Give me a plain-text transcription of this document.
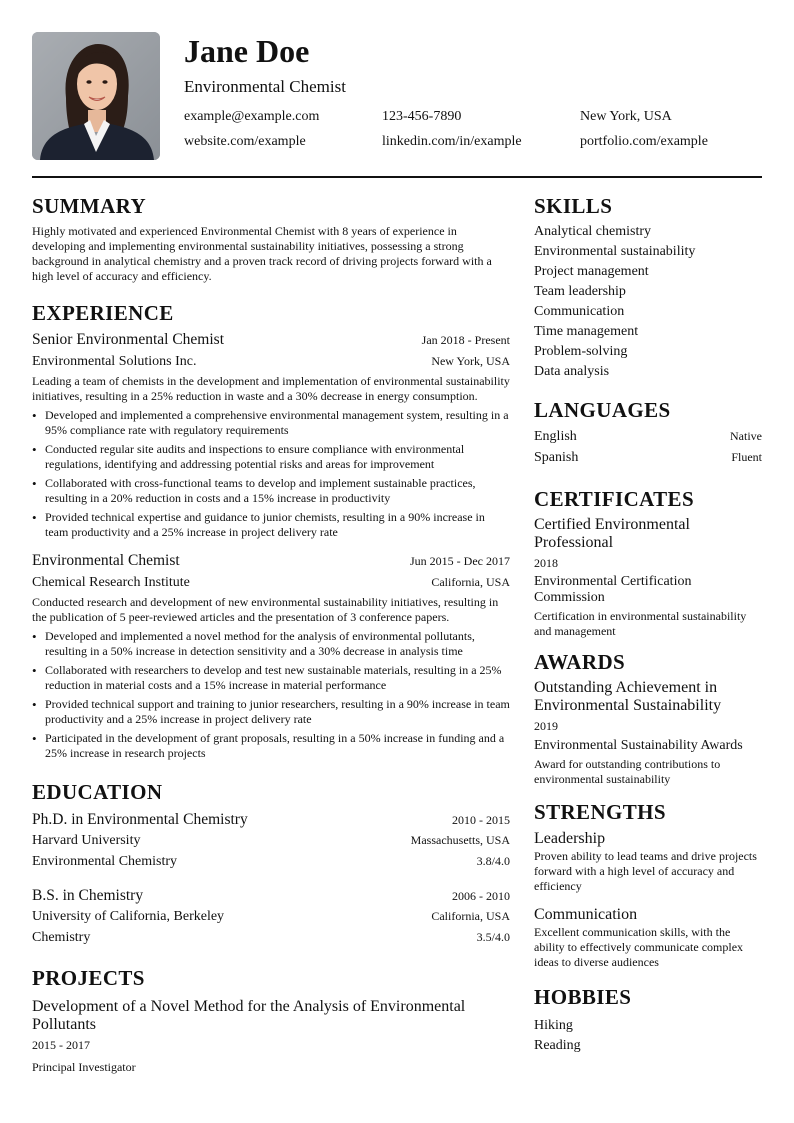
Jane Doe
Environmental Chemist
example@example.com	123-456-7890	New York, USA
website.com/example	linkedin.com/in/example	portfolio.com/example
SUMMARY
Highly motivated and experienced Environmental Chemist with 8 years of experience in developing and implementing environmental sustainability initiatives, possessing a strong background in analytical chemistry and a proven track record of driving projects forward with a high level of accuracy and efficiency.
EXPERIENCE
Senior Environmental Chemist	Jan 2018 - Present
Environmental Solutions Inc.	New York, USA
Leading a team of chemists in the development and implementation of environmental sustainability initiatives, resulting in a 25% reduction in waste and a 30% decrease in energy consumption.
• Developed and implemented a comprehensive environmental management system, resulting in a 95% compliance rate with regulatory requirements
• Conducted regular site audits and inspections to ensure compliance with environmental regulations, identifying and addressing potential risks and areas for improvement
• Collaborated with cross-functional teams to develop and implement sustainable practices, resulting in a 20% reduction in costs and a 15% increase in productivity
• Provided technical expertise and guidance to junior chemists, resulting in a 90% increase in team productivity and a 25% increase in project delivery rate
Environmental Chemist	Jun 2015 - Dec 2017
Chemical Research Institute	California, USA
Conducted research and development of new environmental sustainability initiatives, resulting in the publication of 5 peer-reviewed articles and the presentation of 3 conference papers.
• Developed and implemented a novel method for the analysis of environmental pollutants, resulting in a 50% increase in detection sensitivity and a 30% decrease in analysis time
• Collaborated with researchers to develop and test new sustainable materials, resulting in a 25% reduction in material costs and a 15% increase in material performance
• Provided technical support and training to junior researchers, resulting in a 90% increase in team productivity and a 25% increase in project delivery rate
• Participated in the development of grant proposals, resulting in a 50% increase in funding and a 25% increase in research projects
EDUCATION
Ph.D. in Environmental Chemistry	2010 - 2015
Harvard University	Massachusetts, USA
Environmental Chemistry	3.8/4.0
B.S. in Chemistry	2006 - 2010
University of California, Berkeley	California, USA
Chemistry	3.5/4.0
PROJECTS
Development of a Novel Method for the Analysis of Environmental Pollutants
2015 - 2017
Principal Investigator
SKILLS
Analytical chemistry
Environmental sustainability
Project management
Team leadership
Communication
Time management
Problem-solving
Data analysis
LANGUAGES
English	Native
Spanish	Fluent
CERTIFICATES
Certified Environmental Professional
2018
Environmental Certification Commission
Certification in environmental sustainability and management
AWARDS
Outstanding Achievement in Environmental Sustainability
2019
Environmental Sustainability Awards
Award for outstanding contributions to environmental sustainability
STRENGTHS
Leadership
Proven ability to lead teams and drive projects forward with a high level of accuracy and efficiency
Communication
Excellent communication skills, with the ability to effectively communicate complex ideas to diverse audiences
HOBBIES
Hiking
Reading
